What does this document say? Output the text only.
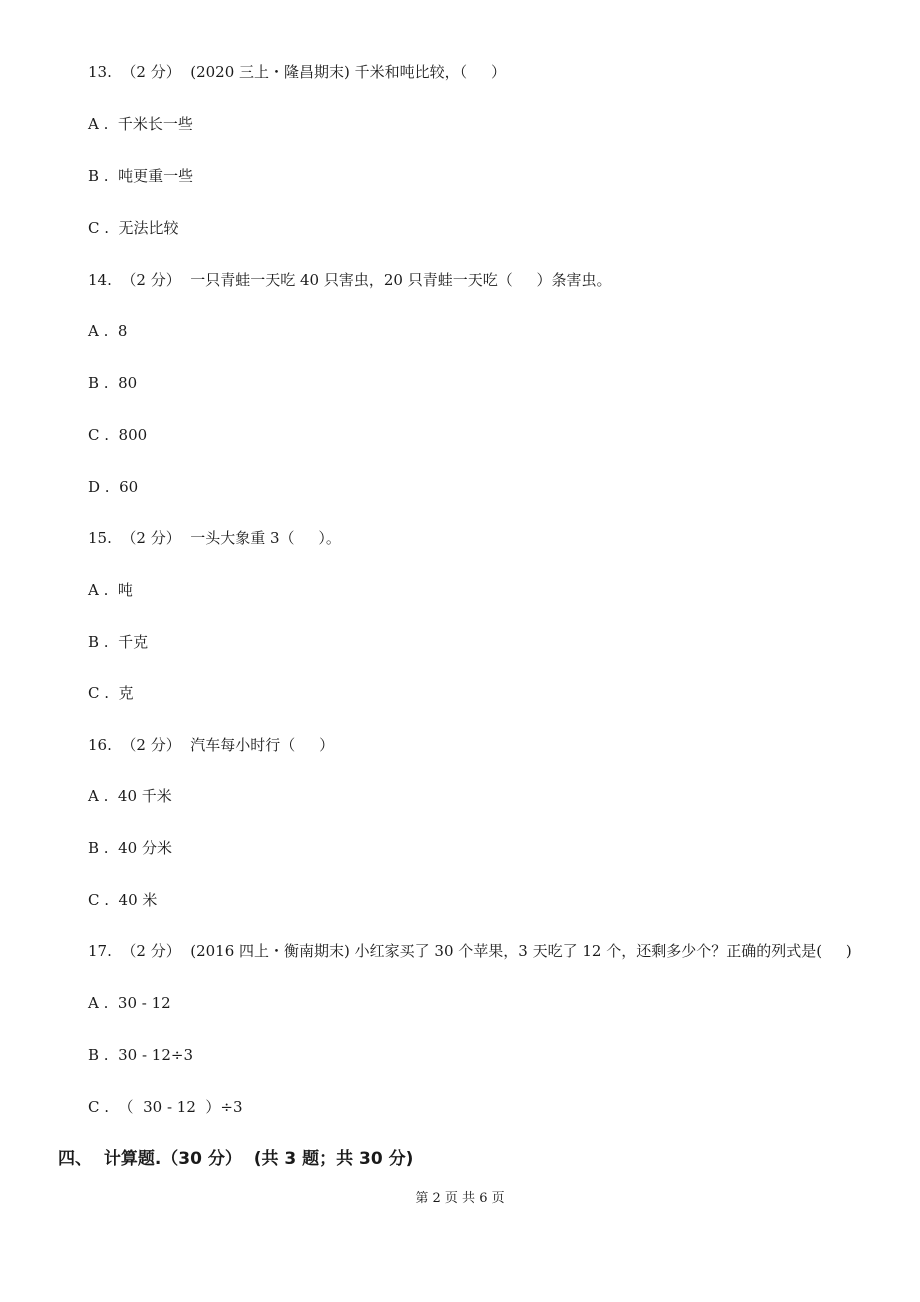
13.  （2 分）  (2020 三上・隆昌期末) 千米和吨比较，（     ）
A .  千米长一些
B .  吨更重一些
C .  无法比较
14.  （2 分）  一只青蛙一天吃 40 只害虫，20 只青蛙一天吃（     ）条害虫。
A .  8
B .  80
C .  800
D .  60
15.  （2 分）  一头大象重 3（     ）。
A .  吨
B .  千克
C .  克
16.  （2 分）  汽车每小时行（     ）
A .  40 千米
B .  40 分米
C .  40 米
17.  （2 分）  (2016 四上・衡南期末) 小红家买了 30 个苹果，3 天吃了 12 个，还剩多少个？正确的列式是(     )
A .  30 - 12
B .  30 - 12÷3
C .  （  30 - 12  ）÷3
四、  计算题.（30 分）  (共 3 题；共 30 分)
第 2 页 共 6 页
